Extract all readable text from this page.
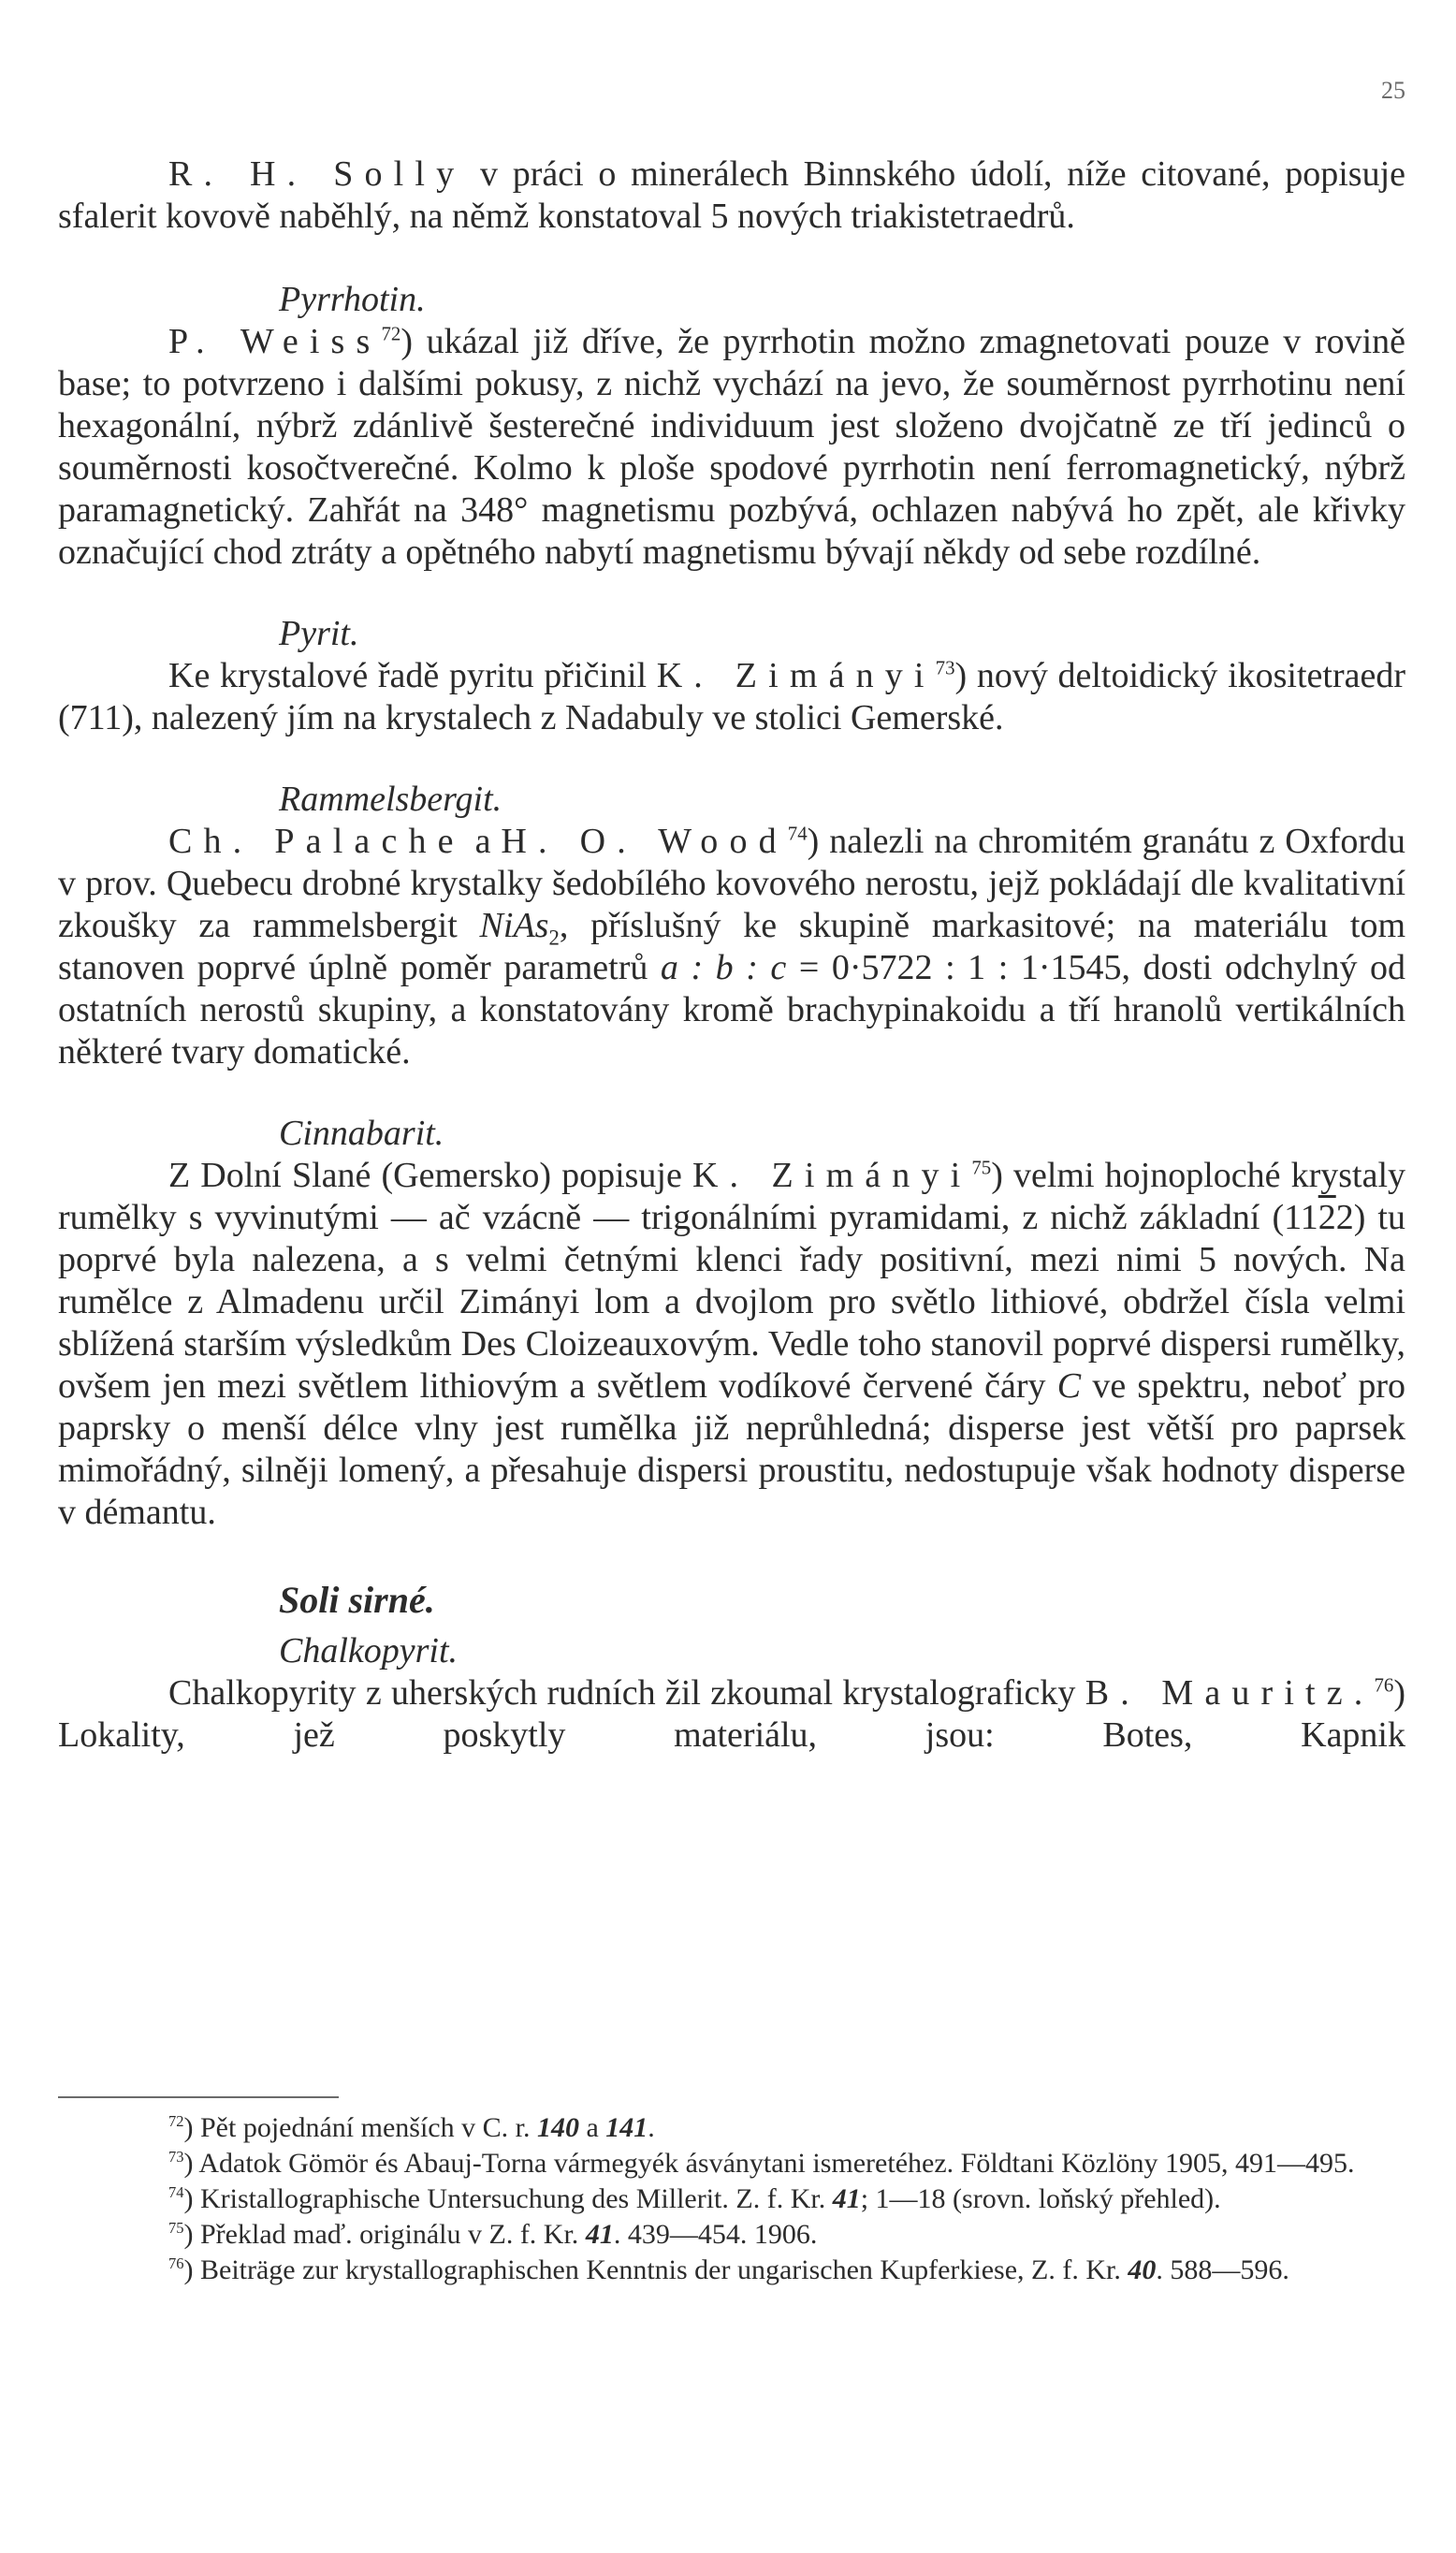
25

R. H. Solly v práci o minerálech Binnského údolí, níže citované, popisuje sfalerit kovově naběhlý, na němž konstatoval 5 nových triakistetraedrů.

Pyrrhotin.

P. Weiss$^{72}$) ukázal již dříve, že pyrrhotin možno zmagnetovati pouze v rovině base; to potvrzeno i dalšími pokusy, z nichž vychází na jevo, že souměrnost pyrrhotinu není hexagonální, nýbrž zdánlivě šesterečné individuum jest složeno dvojčatně ze tří jedinců o souměrnosti kosočtverečné. Kolmo k ploše spodové pyrrhotin není ferromagnetický, nýbrž paramagnetický. Zahřát na 348° magnetismu pozbývá, ochlazen nabývá ho zpět, ale křivky označující chod ztráty a opětného nabytí magnetismu bývají někdy od sebe rozdílné.

Pyrit.

Ke krystalové řadě pyritu přičinil K. Zimányi$^{73}$) nový deltoidický ikositetraedr (711), nalezený jím na krystalech z Nadabuly ve stolici Gemerské.

Rammelsbergit.

Ch. Palache a H. O. Wood$^{74}$) nalezli na chromitém granátu z Oxfordu v prov. Quebecu drobné krystalky šedobílého kovového nerostu, jejž pokládají dle kvalitativní zkoušky za rammelsbergit NiAs$_2$, příslušný ke skupině markasitové; na materiálu tom stanoven poprvé úplně poměr parametrů a : b : c = 0·5722 : 1 : 1·1545, dosti odchylný od ostatních nerostů skupiny, a konstatovány kromě brachypinakoidu a tří hranolů vertikálních některé tvary domatické.

Cinnabarit.

Z Dolní Slané (Gemersko) popisuje K. Zimányi$^{75}$) velmi hojnoploché krystaly rumělky s vyvinutými — ač vzácně — trigonálními pyramidami, z nichž základní (1122) tu poprvé byla nalezena, a s velmi četnými klenci řady positivní, mezi nimi 5 nových. Na rumělce z Almadenu určil Zimányi lom a dvojlom pro světlo lithiové, obdržel čísla velmi sblížená starším výsledkům Des Cloizeauxovým. Vedle toho stanovil poprvé dispersi rumělky, ovšem jen mezi světlem lithiovým a světlem vodíkové červené čáry C ve spektru, neboť pro paprsky o menší délce vlny jest rumělka již neprůhledná; disperse jest větší pro paprsek mimořádný, silněji lomený, a přesahuje dispersi proustitu, nedostupuje však hodnoty disperse v démantu.

Soli sirné.

Chalkopyrit.

Chalkopyrity z uherských rudních žil zkoumal krystalograficky B. Mauritz.$^{76}$) Lokality, jež poskytly materiálu, jsou: Botes, Kapnik

$^{72}$) Pět pojednání menších v C. r. 140 a 141.

$^{73}$) Adatok Gömör és Abauj-Torna vármegyék ásványtani ismeretéhez. Földtani Közlöny 1905, 491—495.

$^{74}$) Kristallographische Untersuchung des Millerit. Z. f. Kr. 41; 1—18 (srovn. loňský přehled).

$^{75}$) Překlad maď. originálu v Z. f. Kr. 41. 439—454. 1906.

$^{76}$) Beiträge zur krystallographischen Kenntnis der ungarischen Kupferkiese, Z. f. Kr. 40. 588—596.
